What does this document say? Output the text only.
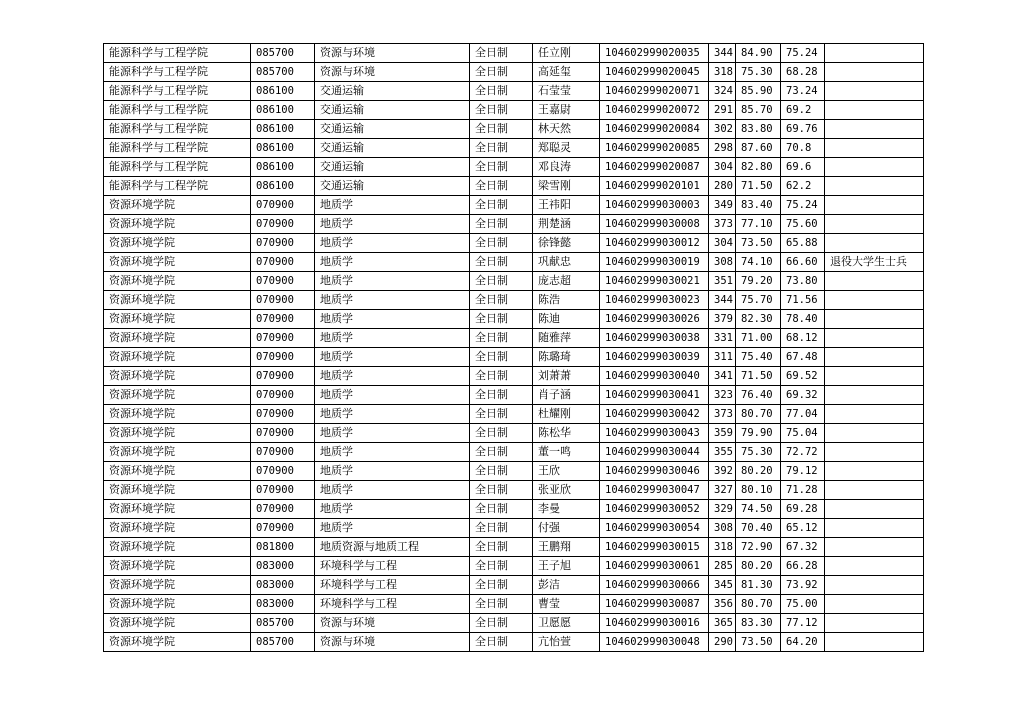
能源科学与工程学院	085700	资源与环境	全日制	任立刚	104602999020035	344	84.90	75.24	
能源科学与工程学院	085700	资源与环境	全日制	高延玺	104602999020045	318	75.30	68.28	
能源科学与工程学院	086100	交通运输	全日制	石莹莹	104602999020071	324	85.90	73.24	
能源科学与工程学院	086100	交通运输	全日制	王嘉尉	104602999020072	291	85.70	69.2	
能源科学与工程学院	086100	交通运输	全日制	林天然	104602999020084	302	83.80	69.76	
能源科学与工程学院	086100	交通运输	全日制	郑聪灵	104602999020085	298	87.60	70.8	
能源科学与工程学院	086100	交通运输	全日制	邓良涛	104602999020087	304	82.80	69.6	
能源科学与工程学院	086100	交通运输	全日制	梁雪刚	104602999020101	280	71.50	62.2	
资源环境学院	070900	地质学	全日制	王祎阳	104602999030003	349	83.40	75.24	
资源环境学院	070900	地质学	全日制	荆楚涵	104602999030008	373	77.10	75.60	
资源环境学院	070900	地质学	全日制	徐锋懿	104602999030012	304	73.50	65.88	
资源环境学院	070900	地质学	全日制	巩献忠	104602999030019	308	74.10	66.60	退役大学生士兵
资源环境学院	070900	地质学	全日制	庞志超	104602999030021	351	79.20	73.80	
资源环境学院	070900	地质学	全日制	陈浩	104602999030023	344	75.70	71.56	
资源环境学院	070900	地质学	全日制	陈迪	104602999030026	379	82.30	78.40	
资源环境学院	070900	地质学	全日制	随雅萍	104602999030038	331	71.00	68.12	
资源环境学院	070900	地质学	全日制	陈璐琦	104602999030039	311	75.40	67.48	
资源环境学院	070900	地质学	全日制	刘萧萧	104602999030040	341	71.50	69.52	
资源环境学院	070900	地质学	全日制	肖子涵	104602999030041	323	76.40	69.32	
资源环境学院	070900	地质学	全日制	杜耀刚	104602999030042	373	80.70	77.04	
资源环境学院	070900	地质学	全日制	陈松华	104602999030043	359	79.90	75.04	
资源环境学院	070900	地质学	全日制	董一鸣	104602999030044	355	75.30	72.72	
资源环境学院	070900	地质学	全日制	王欣	104602999030046	392	80.20	79.12	
资源环境学院	070900	地质学	全日制	张亚欣	104602999030047	327	80.10	71.28	
资源环境学院	070900	地质学	全日制	李曼	104602999030052	329	74.50	69.28	
资源环境学院	070900	地质学	全日制	付强	104602999030054	308	70.40	65.12	
资源环境学院	081800	地质资源与地质工程	全日制	王鹏翔	104602999030015	318	72.90	67.32	
资源环境学院	083000	环境科学与工程	全日制	王子旭	104602999030061	285	80.20	66.28	
资源环境学院	083000	环境科学与工程	全日制	彭洁	104602999030066	345	81.30	73.92	
资源环境学院	083000	环境科学与工程	全日制	曹莹	104602999030087	356	80.70	75.00	
资源环境学院	085700	资源与环境	全日制	卫愿愿	104602999030016	365	83.30	77.12	
资源环境学院	085700	资源与环境	全日制	亢怡萱	104602999030048	290	73.50	64.20	
